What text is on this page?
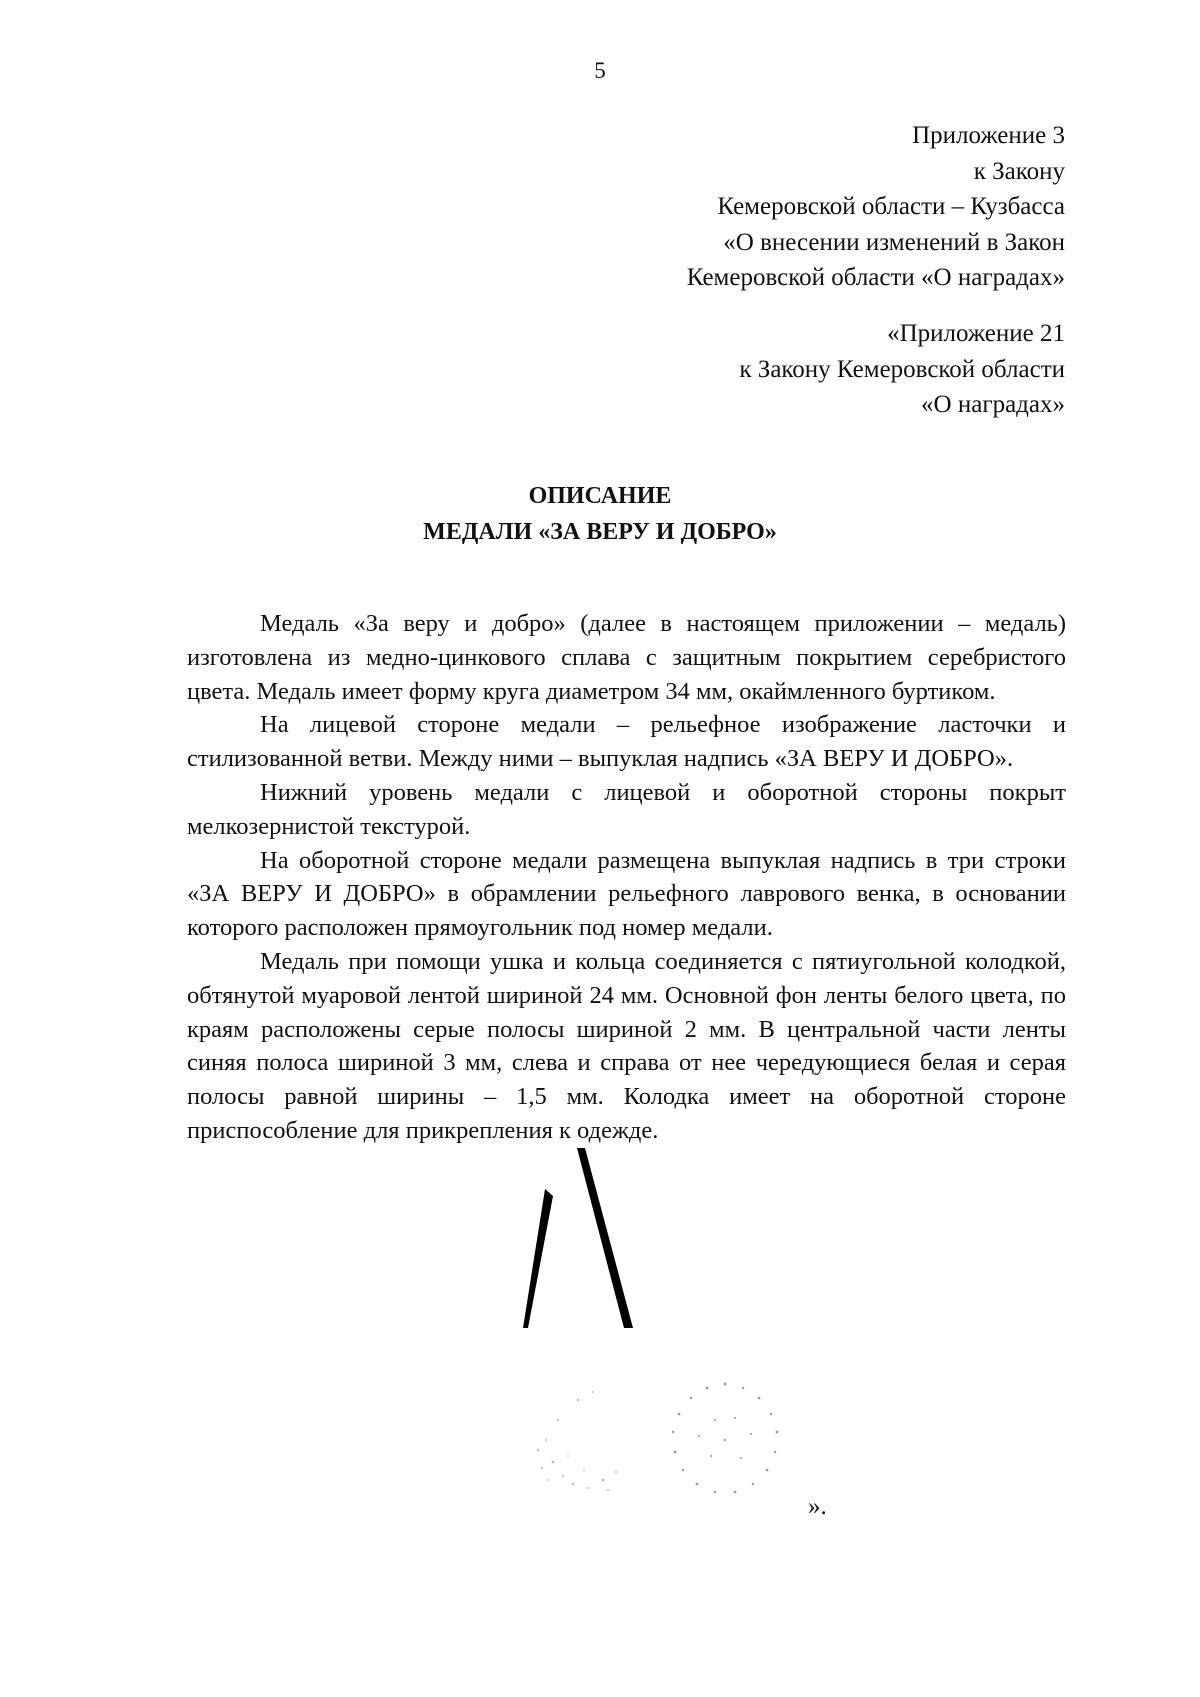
5
Приложение 3
к Закону
Кемеровской области – Кузбасса
«О внесении изменений в Закон
Кемеровской области «О наградах»
«Приложение 21
к Закону Кемеровской области
«О наградах»
ОПИСАНИЕ
МЕДАЛИ «ЗА ВЕРУ И ДОБРО»

Медаль «За веру и добро» (далее в настоящем приложении – медаль) изготовлена из медно-цинкового сплава с защитным покрытием серебристого цвета. Медаль имеет форму круга диаметром 34 мм, окаймленного буртиком.

На лицевой стороне медали – рельефное изображение ласточки и стилизованной ветви. Между ними – выпуклая надпись «ЗА ВЕРУ И ДОБРО».

Нижний уровень медали с лицевой и оборотной стороны покрыт мелкозернистой текстурой.

На оборотной стороне медали размещена выпуклая надпись в три строки «ЗА ВЕРУ И ДОБРО» в обрамлении рельефного лаврового венка, в основании которого расположен прямоугольник под номер медали.

Медаль при помощи ушка и кольца соединяется с пятиугольной колодкой, обтянутой муаровой лентой шириной 24 мм. Основной фон ленты белого цвета, по краям расположены серые полосы шириной 2 мм. В центральной части ленты синяя полоса шириной 3 мм, слева и справа от нее чередующиеся белая и серая полосы равной ширины – 1,5 мм. Колодка имеет на оборотной стороне приспособление для прикрепления к одежде.

».
